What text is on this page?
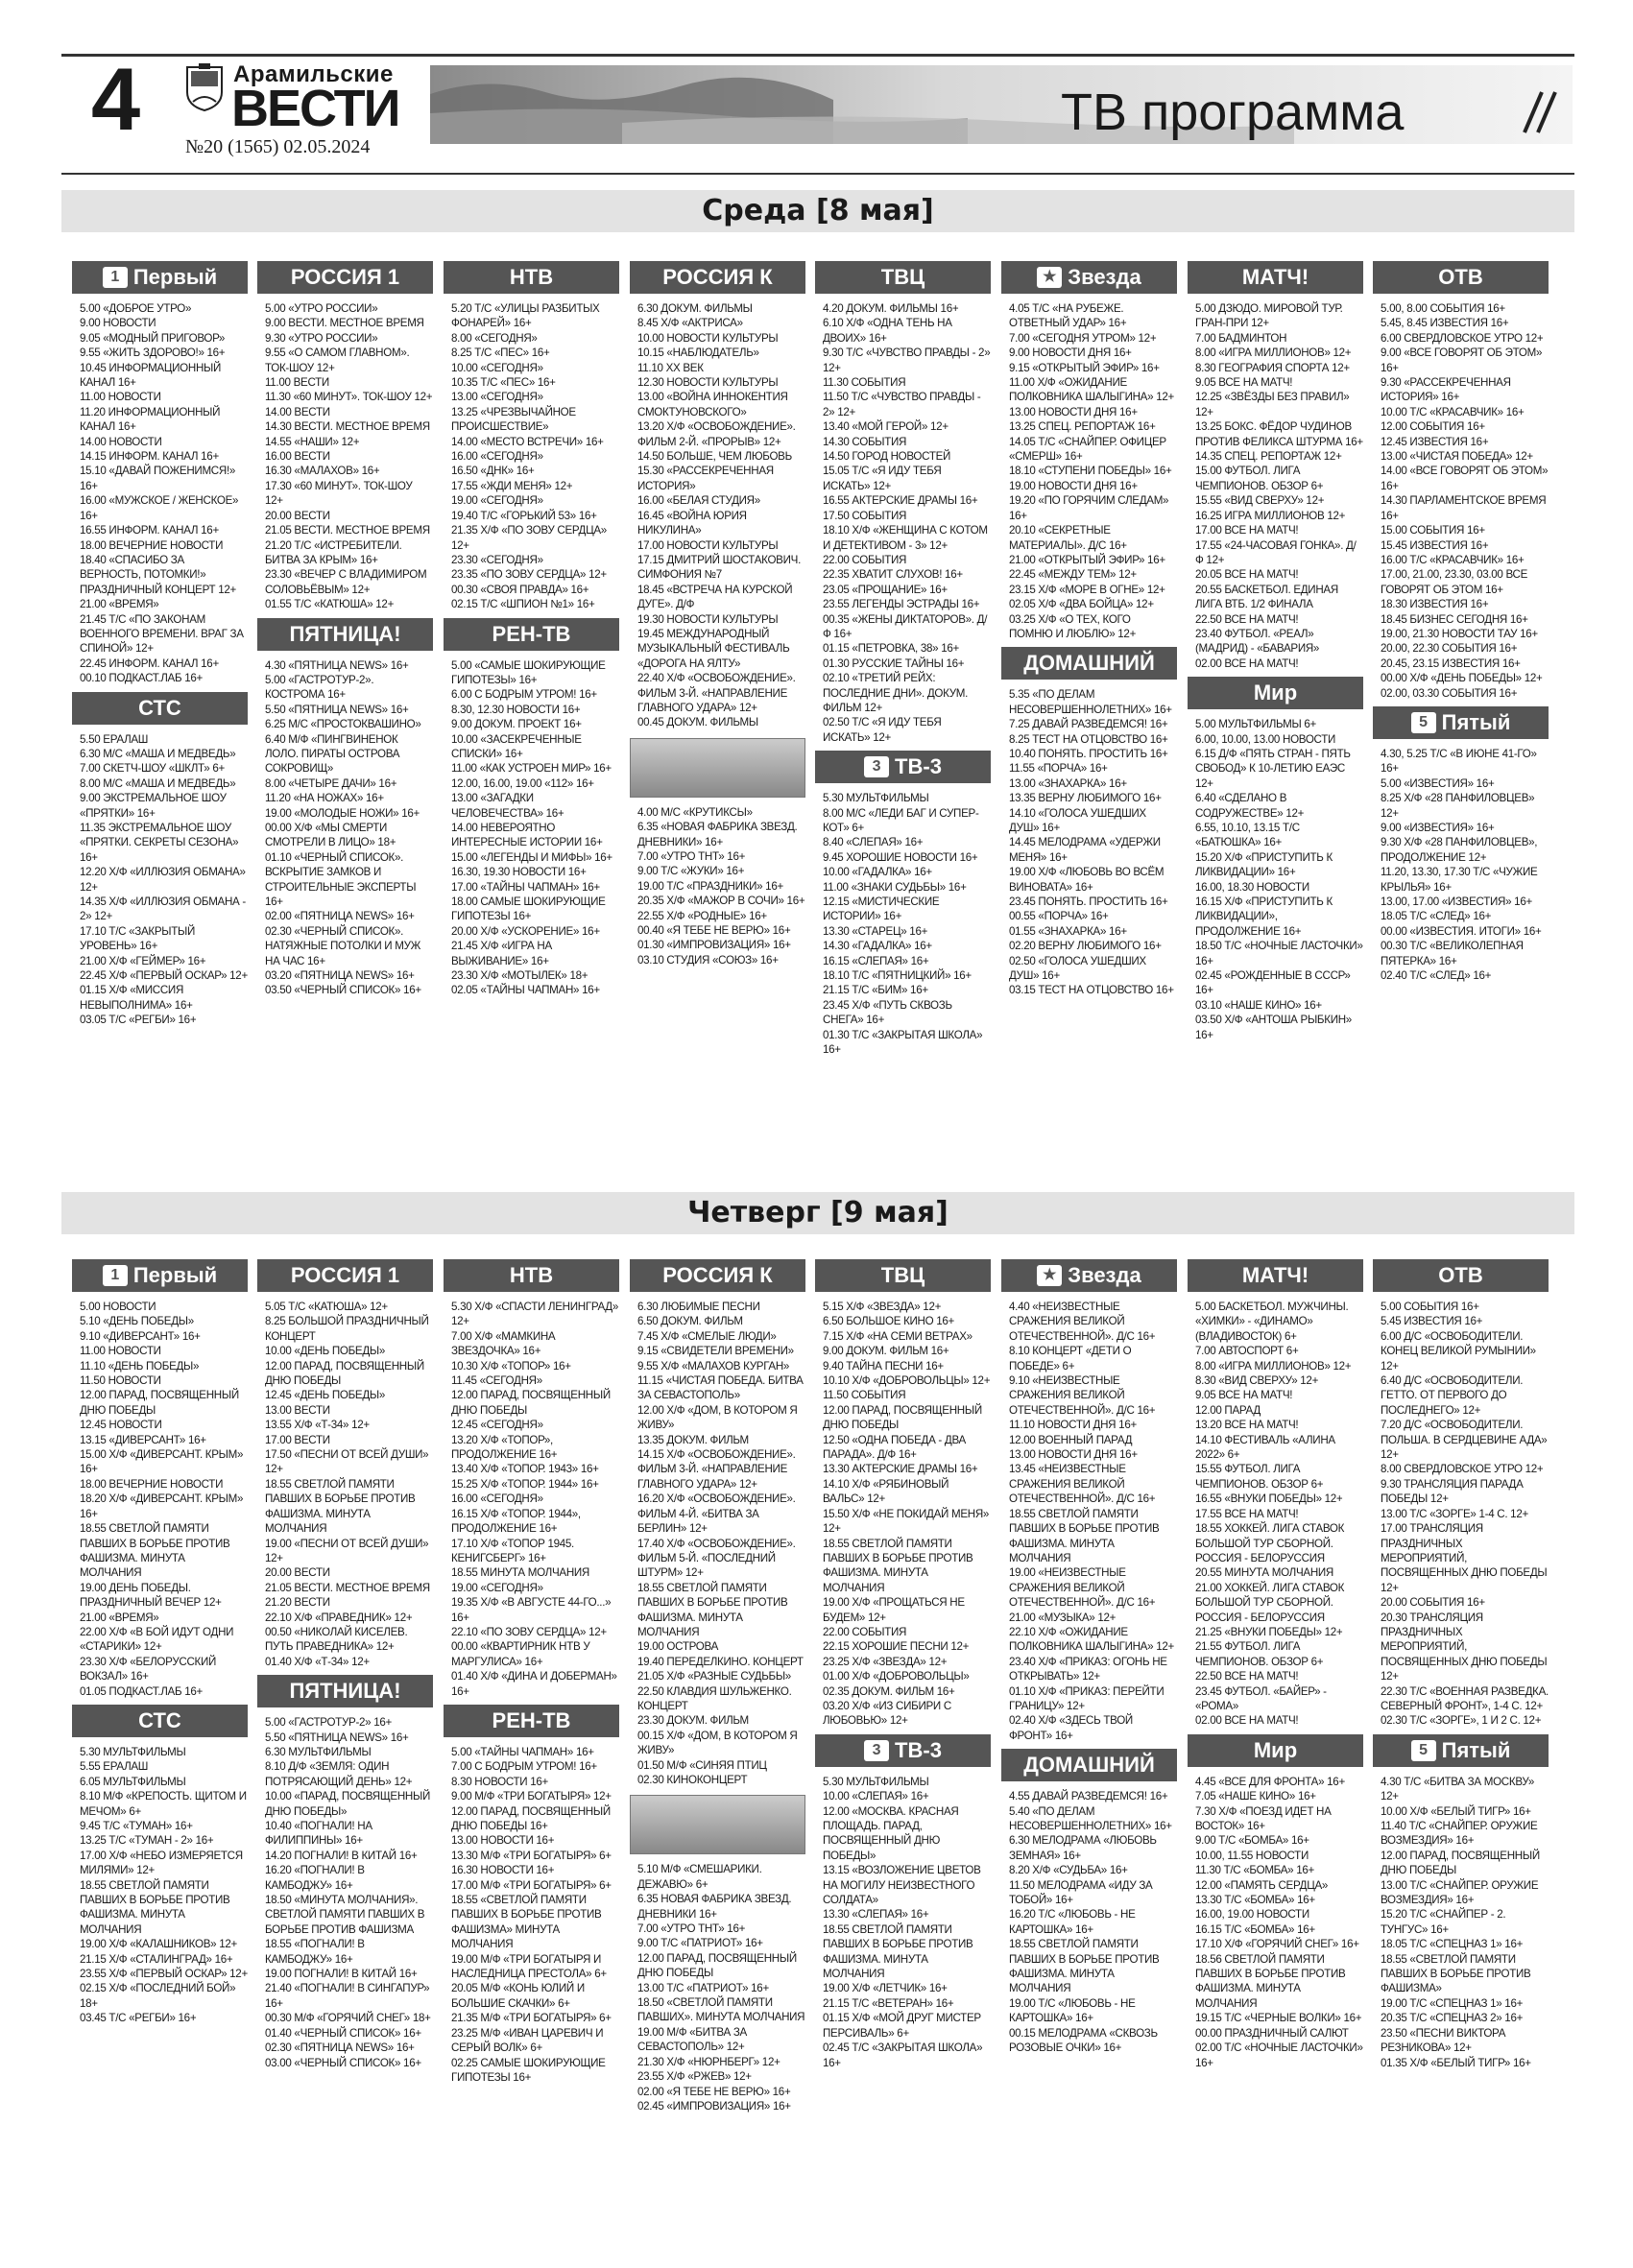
4	Арамильские
ВЕСТИ
№20 (1565) 02.05.2024
ТВ программа
Среда [8 мая]
1 Первый
5.00 «ДОБРОЕ УТРО»
9.00 НОВОСТИ
9.05 «МОДНЫЙ ПРИГОВОР»
9.55 «ЖИТЬ ЗДОРОВО!» 16+
10.45 ИНФОРМАЦИОННЫЙ КАНАЛ 16+
11.00 НОВОСТИ
11.20 ИНФОРМАЦИОННЫЙ КАНАЛ 16+
14.00 НОВОСТИ
14.15 ИНФОРМ. КАНАЛ 16+
15.10 «ДАВАЙ ПОЖЕНИМСЯ!» 16+
16.00 «МУЖСКОЕ / ЖЕНСКОЕ» 16+
16.55 ИНФОРМ. КАНАЛ 16+
18.00 ВЕЧЕРНИЕ НОВОСТИ
18.40 «СПАСИБО ЗА ВЕРНОСТЬ, ПОТОМКИ!» ПРАЗДНИЧНЫЙ КОНЦЕРТ 12+
21.00 «ВРЕМЯ»
21.45 Т/С «ПО ЗАКОНАМ ВОЕННОГО ВРЕМЕНИ. ВРАГ ЗА СПИНОЙ» 12+
22.45 ИНФОРМ. КАНАЛ 16+
00.10 ПОДКАСТ.ЛАБ 16+
СТС
5.50 ЕРАЛАШ
6.30 М/С «МАША И МЕДВЕДЬ»
7.00 СКЕТЧ-ШОУ «ШКЛТ» 6+
8.00 М/С «МАША И МЕДВЕДЬ»
9.00 ЭКСТРЕМАЛЬНОЕ ШОУ «ПРЯТКИ» 16+
11.35 ЭКСТРЕМАЛЬНОЕ ШОУ «ПРЯТКИ. СЕКРЕТЫ СЕЗОНА» 16+
12.20 Х/Ф «ИЛЛЮЗИЯ ОБМАНА» 12+
14.35 Х/Ф «ИЛЛЮЗИЯ ОБМАНА - 2» 12+
17.10 Т/С «ЗАКРЫТЫЙ УРОВЕНЬ» 16+
21.00 Х/Ф «ГЕЙМЕР» 16+
22.45 Х/Ф «ПЕРВЫЙ ОСКАР» 12+
01.15 Х/Ф «МИССИЯ НЕВЫПОЛНИМА» 16+
03.05 Т/С «РЕГБИ» 16+
РОССИЯ 1
5.00 «УТРО РОССИИ»
9.00 ВЕСТИ. МЕСТНОЕ ВРЕМЯ
9.30 «УТРО РОССИИ»
9.55 «О САМОМ ГЛАВНОМ». ТОК-ШОУ 12+
11.00 ВЕСТИ
11.30 «60 МИНУТ». ТОК-ШОУ 12+
14.00 ВЕСТИ
14.30 ВЕСТИ. МЕСТНОЕ ВРЕМЯ
14.55 «НАШИ» 12+
16.00 ВЕСТИ
16.30 «МАЛАХОВ» 16+
17.30 «60 МИНУТ». ТОК-ШОУ 12+
20.00 ВЕСТИ
21.05 ВЕСТИ. МЕСТНОЕ ВРЕМЯ
21.20 Т/С «ИСТРЕБИТЕЛИ. БИТВА ЗА КРЫМ» 16+
23.30 «ВЕЧЕР С ВЛАДИМИРОМ СОЛОВЬЁВЫМ» 12+
01.55 Т/С «КАТЮША» 12+
ПЯТНИЦА!
4.30 «ПЯТНИЦА NEWS» 16+
5.00 «ГАСТРОТУР-2». КОСТРОМА 16+
5.50 «ПЯТНИЦА NEWS» 16+
6.25 М/С «ПРОСТОКВАШИНО»
6.40 М/Ф «ПИНГВИНЕНОК ЛОЛО. ПИРАТЫ ОСТРОВА СОКРОВИЩ»
8.00 «ЧЕТЫРЕ ДАЧИ» 16+
11.20 «НА НОЖАХ» 16+
19.00 «МОЛОДЫЕ НОЖИ» 16+
00.00 Х/Ф «МЫ СМЕРТИ СМОТРЕЛИ В ЛИЦО» 18+
01.10 «ЧЕРНЫЙ СПИСОК». ВСКРЫТИЕ ЗАМКОВ И СТРОИТЕЛЬНЫЕ ЭКСПЕРТЫ 16+
02.00 «ПЯТНИЦА NEWS» 16+
02.30 «ЧЕРНЫЙ СПИСОК». НАТЯЖНЫЕ ПОТОЛКИ И МУЖ НА ЧАС 16+
03.20 «ПЯТНИЦА NEWS» 16+
03.50 «ЧЕРНЫЙ СПИСОК» 16+
НТВ
5.20 Т/С «УЛИЦЫ РАЗБИТЫХ ФОНАРЕЙ» 16+
8.00 «СЕГОДНЯ»
8.25 Т/С «ПЕС» 16+
10.00 «СЕГОДНЯ»
10.35 Т/С «ПЕС» 16+
13.00 «СЕГОДНЯ»
13.25 «ЧРЕЗВЫЧАЙНОЕ ПРОИСШЕСТВИЕ»
14.00 «МЕСТО ВСТРЕЧИ» 16+
16.00 «СЕГОДНЯ»
16.50 «ДНК» 16+
17.55 «ЖДИ МЕНЯ» 12+
19.00 «СЕГОДНЯ»
19.40 Т/С «ГОРЬКИЙ 53» 16+
21.35 Х/Ф «ПО ЗОВУ СЕРДЦА» 12+
23.30 «СЕГОДНЯ»
23.35 «ПО ЗОВУ СЕРДЦА» 12+
00.30 «СВОЯ ПРАВДА» 16+
02.15 Т/С «ШПИОН №1» 16+
РЕН-ТВ
5.00 «САМЫЕ ШОКИРУЮЩИЕ ГИПОТЕЗЫ» 16+
6.00 С БОДРЫМ УТРОМ! 16+
8.30, 12.30 НОВОСТИ 16+
9.00 ДОКУМ. ПРОЕКТ 16+
10.00 «ЗАСЕКРЕЧЕННЫЕ СПИСКИ» 16+
11.00 «КАК УСТРОЕН МИР» 16+
12.00, 16.00, 19.00 «112» 16+
13.00 «ЗАГАДКИ ЧЕЛОВЕЧЕСТВА» 16+
14.00 НЕВЕРОЯТНО ИНТЕРЕСНЫЕ ИСТОРИИ 16+
15.00 «ЛЕГЕНДЫ И МИФЫ» 16+
16.30, 19.30 НОВОСТИ 16+
17.00 «ТАЙНЫ ЧАПМАН» 16+
18.00 САМЫЕ ШОКИРУЮЩИЕ ГИПОТЕЗЫ 16+
20.00 Х/Ф «УСКОРЕНИЕ» 16+
21.45 Х/Ф «ИГРА НА ВЫЖИВАНИЕ» 16+
23.30 Х/Ф «МОТЫЛЕК» 18+
02.05 «ТАЙНЫ ЧАПМАН» 16+
РОССИЯ К
6.30 ДОКУМ. ФИЛЬМЫ
8.45 Х/Ф «АКТРИСА»
10.00 НОВОСТИ КУЛЬТУРЫ
10.15 «НАБЛЮДАТЕЛЬ»
11.10 XX ВЕК
12.30 НОВОСТИ КУЛЬТУРЫ
13.00 «ВОЙНА ИННОКЕНТИЯ СМОКТУНОВСКОГО»
13.20 Х/Ф «ОСВОБОЖДЕНИЕ». ФИЛЬМ 2-Й. «ПРОРЫВ» 12+
14.50 БОЛЬШЕ, ЧЕМ ЛЮБОВЬ
15.30 «РАССЕКРЕЧЕННАЯ ИСТОРИЯ»
16.00 «БЕЛАЯ СТУДИЯ»
16.45 «ВОЙНА ЮРИЯ НИКУЛИНА»
17.00 НОВОСТИ КУЛЬТУРЫ
17.15 ДМИТРИЙ ШОСТАКОВИЧ. СИМФОНИЯ №7
18.45 «ВСТРЕЧА НА КУРСКОЙ ДУГЕ». Д/Ф
19.30 НОВОСТИ КУЛЬТУРЫ
19.45 МЕЖДУНАРОДНЫЙ МУЗЫКАЛЬНЫЙ ФЕСТИВАЛЬ «ДОРОГА НА ЯЛТУ»
22.40 Х/Ф «ОСВОБОЖДЕНИЕ». ФИЛЬМ 3-Й. «НАПРАВЛЕНИЕ ГЛАВНОГО УДАРА» 12+
00.45 ДОКУМ. ФИЛЬМЫ
4.00 М/С «КРУТИКСЫ»
6.35 «НОВАЯ ФАБРИКА ЗВЕЗД. ДНЕВНИКИ» 16+
7.00 «УТРО ТНТ» 16+
9.00 Т/С «ЖУКИ» 16+
19.00 Т/С «ПРАЗДНИКИ» 16+
20.35 Х/Ф «МАЖОР В СОЧИ» 16+
22.55 Х/Ф «РОДНЫЕ» 16+
00.40 «Я ТЕБЕ НЕ ВЕРЮ» 16+
01.30 «ИМПРОВИЗАЦИЯ» 16+
03.10 СТУДИЯ «СОЮЗ» 16+
ТВЦ
4.20 ДОКУМ. ФИЛЬМЫ 16+
6.10 Х/Ф «ОДНА ТЕНЬ НА ДВОИХ» 16+
9.30 Т/С «ЧУВСТВО ПРАВДЫ - 2» 12+
11.30 СОБЫТИЯ
11.50 Т/С «ЧУВСТВО ПРАВДЫ - 2» 12+
13.40 «МОЙ ГЕРОЙ» 12+
14.30 СОБЫТИЯ
14.50 ГОРОД НОВОСТЕЙ
15.05 Т/С «Я ИДУ ТЕБЯ ИСКАТЬ» 12+
16.55 АКТЕРСКИЕ ДРАМЫ 16+
17.50 СОБЫТИЯ
18.10 Х/Ф «ЖЕНЩИНА С КОТОМ И ДЕТЕКТИВОМ - 3» 12+
22.00 СОБЫТИЯ
22.35 ХВАТИТ СЛУХОВ! 16+
23.05 «ПРОЩАНИЕ» 16+
23.55 ЛЕГЕНДЫ ЭСТРАДЫ 16+
00.35 «ЖЕНЫ ДИКТАТОРОВ». Д/Ф 16+
01.15 «ПЕТРОВКА, 38» 16+
01.30 РУССКИЕ ТАЙНЫ 16+
02.10 «ТРЕТИЙ РЕЙХ: ПОСЛЕДНИЕ ДНИ». ДОКУМ. ФИЛЬМ 12+
02.50 Т/С «Я ИДУ ТЕБЯ ИСКАТЬ» 12+
3 ТВ-3
5.30 МУЛЬТФИЛЬМЫ
8.00 М/С «ЛЕДИ БАГ И СУПЕР-КОТ» 6+
8.40 «СЛЕПАЯ» 16+
9.45 ХОРОШИЕ НОВОСТИ 16+
10.00 «ГАДАЛКА» 16+
11.00 «ЗНАКИ СУДЬБЫ» 16+
12.15 «МИСТИЧЕСКИЕ ИСТОРИИ» 16+
13.30 «СТАРЕЦ» 16+
14.30 «ГАДАЛКА» 16+
16.15 «СЛЕПАЯ» 16+
18.10 Т/С «ПЯТНИЦКИЙ» 16+
21.15 Т/С «БИМ» 16+
23.45 Х/Ф «ПУТЬ СКВОЗЬ СНЕГА» 16+
01.30 Т/С «ЗАКРЫТАЯ ШКОЛА» 16+
★ Звезда
4.05 Т/С «НА РУБЕЖЕ. ОТВЕТНЫЙ УДАР» 16+
7.00 «СЕГОДНЯ УТРОМ» 12+
9.00 НОВОСТИ ДНЯ 16+
9.15 «ОТКРЫТЫЙ ЭФИР» 16+
11.00 Х/Ф «ОЖИДАНИЕ ПОЛКОВНИКА ШАЛЫГИНА» 12+
13.00 НОВОСТИ ДНЯ 16+
13.25 СПЕЦ. РЕПОРТАЖ 16+
14.05 Т/С «СНАЙПЕР. ОФИЦЕР «СМЕРШ» 16+
18.10 «СТУПЕНИ ПОБЕДЫ» 16+
19.00 НОВОСТИ ДНЯ 16+
19.20 «ПО ГОРЯЧИМ СЛЕДАМ» 16+
20.10 «СЕКРЕТНЫЕ МАТЕРИАЛЫ». Д/С 16+
21.00 «ОТКРЫТЫЙ ЭФИР» 16+
22.45 «МЕЖДУ ТЕМ» 12+
23.15 Х/Ф «МОРЕ В ОГНЕ» 12+
02.05 Х/Ф «ДВА БОЙЦА» 12+
03.25 Х/Ф «О ТЕХ, КОГО ПОМНЮ И ЛЮБЛЮ» 12+
ДОМАШНИЙ
5.35 «ПО ДЕЛАМ НЕСОВЕРШЕННОЛЕТНИХ» 16+
7.25 ДАВАЙ РАЗВЕДЕМСЯ! 16+
8.25 ТЕСТ НА ОТЦОВСТВО 16+
10.40 ПОНЯТЬ. ПРОСТИТЬ 16+
11.55 «ПОРЧА» 16+
13.00 «ЗНАХАРКА» 16+
13.35 ВЕРНУ ЛЮБИМОГО 16+
14.10 «ГОЛОСА УШЕДШИХ ДУШ» 16+
14.45 МЕЛОДРАМА «УДЕРЖИ МЕНЯ» 16+
19.00 Х/Ф «ЛЮБОВЬ ВО ВСЁМ ВИНОВАТА» 16+
23.45 ПОНЯТЬ. ПРОСТИТЬ 16+
00.55 «ПОРЧА» 16+
01.55 «ЗНАХАРКА» 16+
02.20 ВЕРНУ ЛЮБИМОГО 16+
02.50 «ГОЛОСА УШЕДШИХ ДУШ» 16+
03.15 ТЕСТ НА ОТЦОВСТВО 16+
МАТЧ!
5.00 ДЗЮДО. МИРОВОЙ ТУР. ГРАН-ПРИ 12+
7.00 БАДМИНТОН
8.00 «ИГРА МИЛЛИОНОВ» 12+
8.30 ГЕОГРАФИЯ СПОРТА 12+
9.05 ВСЕ НА МАТЧ!
12.25 «ЗВЁЗДЫ БЕЗ ПРАВИЛ» 12+
13.25 БОКС. ФЁДОР ЧУДИНОВ ПРОТИВ ФЕЛИКСА ШТУРМА 16+
14.35 СПЕЦ. РЕПОРТАЖ 12+
15.00 ФУТБОЛ. ЛИГА ЧЕМПИОНОВ. ОБЗОР 6+
15.55 «ВИД СВЕРХУ» 12+
16.25 ИГРА МИЛЛИОНОВ 12+
17.00 ВСЕ НА МАТЧ!
17.55 «24-ЧАСОВАЯ ГОНКА». Д/Ф 12+
20.05 ВСЕ НА МАТЧ!
20.55 БАСКЕТБОЛ. ЕДИНАЯ ЛИГА ВТБ. 1/2 ФИНАЛА
22.50 ВСЕ НА МАТЧ!
23.40 ФУТБОЛ. «РЕАЛ» (МАДРИД) - «БАВАРИЯ»
02.00 ВСЕ НА МАТЧ!
Мир
5.00 МУЛЬТФИЛЬМЫ 6+
6.00, 10.00, 13.00 НОВОСТИ
6.15 Д/Ф «ПЯТЬ СТРАН - ПЯТЬ СВОБОД» К 10-ЛЕТИЮ ЕАЭС 12+
6.40 «СДЕЛАНО В СОДРУЖЕСТВЕ» 12+
6.55, 10.10, 13.15 Т/С «БАТЮШКА» 16+
15.20 Х/Ф «ПРИСТУПИТЬ К ЛИКВИДАЦИИ» 16+
16.00, 18.30 НОВОСТИ
16.15 Х/Ф «ПРИСТУПИТЬ К ЛИКВИДАЦИИ», ПРОДОЛЖЕНИЕ 16+
18.50 Т/С «НОЧНЫЕ ЛАСТОЧКИ» 16+
02.45 «РОЖДЕННЫЕ В СССР» 16+
03.10 «НАШЕ КИНО» 16+
03.50 Х/Ф «АНТОША РЫБКИН» 16+
ОТВ
5.00, 8.00 СОБЫТИЯ 16+
5.45, 8.45 ИЗВЕСТИЯ 16+
6.00 СВЕРДЛОВСКОЕ УТРО 12+
9.00 «ВСЕ ГОВОРЯТ ОБ ЭТОМ» 16+
9.30 «РАССЕКРЕЧЕННАЯ ИСТОРИЯ» 16+
10.00 Т/С «КРАСАВЧИК» 16+
12.00 СОБЫТИЯ 16+
12.45 ИЗВЕСТИЯ 16+
13.00 «ЧИСТАЯ ПОБЕДА» 12+
14.00 «ВСЕ ГОВОРЯТ ОБ ЭТОМ» 16+
14.30 ПАРЛАМЕНТСКОЕ ВРЕМЯ 16+
15.00 СОБЫТИЯ 16+
15.45 ИЗВЕСТИЯ 16+
16.00 Т/С «КРАСАВЧИК» 16+
17.00, 21.00, 23.30, 03.00 ВСЕ ГОВОРЯТ ОБ ЭТОМ 16+
18.30 ИЗВЕСТИЯ 16+
18.45 БИЗНЕС СЕГОДНЯ 16+
19.00, 21.30 НОВОСТИ ТАУ 16+
20.00, 22.30 СОБЫТИЯ 16+
20.45, 23.15 ИЗВЕСТИЯ 16+
00.00 Х/Ф «ДЕНЬ ПОБЕДЫ» 12+
02.00, 03.30 СОБЫТИЯ 16+
5 Пятый
4.30, 5.25 Т/С «В ИЮНЕ 41-ГО» 16+
5.00 «ИЗВЕСТИЯ» 16+
8.25 Х/Ф «28 ПАНФИЛОВЦЕВ» 12+
9.00 «ИЗВЕСТИЯ» 16+
9.30 Х/Ф «28 ПАНФИЛОВЦЕВ», ПРОДОЛЖЕНИЕ 12+
11.20, 13.30, 17.30 Т/С «ЧУЖИЕ КРЫЛЬЯ» 16+
13.00, 17.00 «ИЗВЕСТИЯ» 16+
18.05 Т/С «СЛЕД» 16+
00.00 «ИЗВЕСТИЯ. ИТОГИ» 16+
00.30 Т/С «ВЕЛИКОЛЕПНАЯ ПЯТЕРКА» 16+
02.40 Т/С «СЛЕД» 16+
Четверг [9 мая]
1 Первый
5.00 НОВОСТИ
5.10 «ДЕНЬ ПОБЕДЫ»
9.10 «ДИВЕРСАНТ» 16+
11.00 НОВОСТИ
11.10 «ДЕНЬ ПОБЕДЫ»
11.50 НОВОСТИ
12.00 ПАРАД, ПОСВЯЩЕННЫЙ ДНЮ ПОБЕДЫ
12.45 НОВОСТИ
13.15 «ДИВЕРСАНТ» 16+
15.00 Х/Ф «ДИВЕРСАНТ. КРЫМ» 16+
18.00 ВЕЧЕРНИЕ НОВОСТИ
18.20 Х/Ф «ДИВЕРСАНТ. КРЫМ» 16+
18.55 СВЕТЛОЙ ПАМЯТИ ПАВШИХ В БОРЬБЕ ПРОТИВ ФАШИЗМА. МИНУТА МОЛЧАНИЯ
19.00 ДЕНЬ ПОБЕДЫ. ПРАЗДНИЧНЫЙ ВЕЧЕР 12+
21.00 «ВРЕМЯ»
22.00 Х/Ф «В БОЙ ИДУТ ОДНИ «СТАРИКИ» 12+
23.30 Х/Ф «БЕЛОРУССКИЙ ВОКЗАЛ» 16+
01.05 ПОДКАСТ.ЛАБ 16+
СТС
5.30 МУЛЬТФИЛЬМЫ
5.55 ЕРАЛАШ
6.05 МУЛЬТФИЛЬМЫ
8.10 М/Ф «КРЕПОСТЬ. ЩИТОМ И МЕЧОМ» 6+
9.45 Т/С «ТУМАН» 16+
13.25 Т/С «ТУМАН - 2» 16+
17.00 Х/Ф «НЕБО ИЗМЕРЯЕТСЯ МИЛЯМИ» 12+
18.55 СВЕТЛОЙ ПАМЯТИ ПАВШИХ В БОРЬБЕ ПРОТИВ ФАШИЗМА. МИНУТА МОЛЧАНИЯ
19.00 Х/Ф «КАЛАШНИКОВ» 12+
21.15 Х/Ф «СТАЛИНГРАД» 16+
23.55 Х/Ф «ПЕРВЫЙ ОСКАР» 12+
02.15 Х/Ф «ПОСЛЕДНИЙ БОЙ» 18+
03.45 Т/С «РЕГБИ» 16+
РОССИЯ 1
5.05 Т/С «КАТЮША» 12+
8.25 БОЛЬШОЙ ПРАЗДНИЧНЫЙ КОНЦЕРТ
10.00 «ДЕНЬ ПОБЕДЫ»
12.00 ПАРАД, ПОСВЯЩЕННЫЙ ДНЮ ПОБЕДЫ
12.45 «ДЕНЬ ПОБЕДЫ»
13.00 ВЕСТИ
13.55 Х/Ф «Т-34» 12+
17.00 ВЕСТИ
17.50 «ПЕСНИ ОТ ВСЕЙ ДУШИ» 12+
18.55 СВЕТЛОЙ ПАМЯТИ ПАВШИХ В БОРЬБЕ ПРОТИВ ФАШИЗМА. МИНУТА МОЛЧАНИЯ
19.00 «ПЕСНИ ОТ ВСЕЙ ДУШИ» 12+
20.00 ВЕСТИ
21.05 ВЕСТИ. МЕСТНОЕ ВРЕМЯ
21.20 ВЕСТИ
22.10 Х/Ф «ПРАВЕДНИК» 12+
00.50 «НИКОЛАЙ КИСЕЛЕВ. ПУТЬ ПРАВЕДНИКА» 12+
01.40 Х/Ф «Т-34» 12+
ПЯТНИЦА!
5.00 «ГАСТРОТУР-2» 16+
5.50 «ПЯТНИЦА NEWS» 16+
6.30 МУЛЬТФИЛЬМЫ
8.10 Д/Ф «ЗЕМЛЯ: ОДИН ПОТРЯСАЮЩИЙ ДЕНЬ» 12+
10.00 «ПАРАД, ПОСВЯЩЕННЫЙ ДНЮ ПОБЕДЫ»
10.40 «ПОГНАЛИ! НА ФИЛИППИНЫ» 16+
14.20 ПОГНАЛИ! В КИТАЙ 16+
16.20 «ПОГНАЛИ! В КАМБОДЖУ» 16+
18.50 «МИНУТА МОЛЧАНИЯ». СВЕТЛОЙ ПАМЯТИ ПАВШИХ В БОРЬБЕ ПРОТИВ ФАШИЗМА
18.55 «ПОГНАЛИ! В КАМБОДЖУ» 16+
19.00 ПОГНАЛИ! В КИТАЙ 16+
21.40 «ПОГНАЛИ! В СИНГАПУР» 16+
00.30 М/Ф «ГОРЯЧИЙ СНЕГ» 18+
01.40 «ЧЕРНЫЙ СПИСОК» 16+
02.30 «ПЯТНИЦА NEWS» 16+
03.00 «ЧЕРНЫЙ СПИСОК» 16+
НТВ
5.30 Х/Ф «СПАСТИ ЛЕНИНГРАД» 12+
7.00 Х/Ф «МАМКИНА ЗВЕЗДОЧКА» 16+
10.30 Х/Ф «ТОПОР» 16+
11.45 «СЕГОДНЯ»
12.00 ПАРАД, ПОСВЯЩЕННЫЙ ДНЮ ПОБЕДЫ
12.45 «СЕГОДНЯ»
13.20 Х/Ф «ТОПОР», ПРОДОЛЖЕНИЕ 16+
13.40 Х/Ф «ТОПОР. 1943» 16+
15.25 Х/Ф «ТОПОР. 1944» 16+
16.00 «СЕГОДНЯ»
16.15 Х/Ф «ТОПОР. 1944», ПРОДОЛЖЕНИЕ 16+
17.10 Х/Ф «ТОПОР 1945. КЕНИГСБЕРГ» 16+
18.55 МИНУТА МОЛЧАНИЯ
19.00 «СЕГОДНЯ»
19.35 Х/Ф «В АВГУСТЕ 44-ГО...» 16+
22.10 «ПО ЗОВУ СЕРДЦА» 12+
00.00 «КВАРТИРНИК НТВ У МАРГУЛИСА» 16+
01.40 Х/Ф «ДИНА И ДОБЕРМАН» 16+
РЕН-ТВ
5.00 «ТАЙНЫ ЧАПМАН» 16+
7.00 С БОДРЫМ УТРОМ! 16+
8.30 НОВОСТИ 16+
9.00 М/Ф «ТРИ БОГАТЫРЯ» 12+
12.00 ПАРАД, ПОСВЯЩЕННЫЙ ДНЮ ПОБЕДЫ 16+
13.00 НОВОСТИ 16+
13.30 М/Ф «ТРИ БОГАТЫРЯ» 6+
16.30 НОВОСТИ 16+
17.00 М/Ф «ТРИ БОГАТЫРЯ» 6+
18.55 «СВЕТЛОЙ ПАМЯТИ ПАВШИХ В БОРЬБЕ ПРОТИВ ФАШИЗМА» МИНУТА МОЛЧАНИЯ
19.00 М/Ф «ТРИ БОГАТЫРЯ И НАСЛЕДНИЦА ПРЕСТОЛА» 6+
20.05 М/Ф «КОНЬ ЮЛИЙ И БОЛЬШИЕ СКАЧКИ» 6+
21.35 М/Ф «ТРИ БОГАТЫРЯ» 6+
23.25 М/Ф «ИВАН ЦАРЕВИЧ И СЕРЫЙ ВОЛК» 6+
02.25 САМЫЕ ШОКИРУЮЩИЕ ГИПОТЕЗЫ 16+
РОССИЯ К
6.30 ЛЮБИМЫЕ ПЕСНИ
6.50 ДОКУМ. ФИЛЬМ
7.45 Х/Ф «СМЕЛЫЕ ЛЮДИ»
9.15 «СВИДЕТЕЛИ ВРЕМЕНИ»
9.55 Х/Ф «МАЛАХОВ КУРГАН»
11.15 «ЧИСТАЯ ПОБЕДА. БИТВА ЗА СЕВАСТОПОЛЬ»
12.00 Х/Ф «ДОМ, В КОТОРОМ Я ЖИВУ»
13.35 ДОКУМ. ФИЛЬМ
14.15 Х/Ф «ОСВОБОЖДЕНИЕ». ФИЛЬМ 3-Й. «НАПРАВЛЕНИЕ ГЛАВНОГО УДАРА» 12+
16.20 Х/Ф «ОСВОБОЖДЕНИЕ». ФИЛЬМ 4-Й. «БИТВА ЗА БЕРЛИН» 12+
17.40 Х/Ф «ОСВОБОЖДЕНИЕ». ФИЛЬМ 5-Й. «ПОСЛЕДНИЙ ШТУРМ» 12+
18.55 СВЕТЛОЙ ПАМЯТИ ПАВШИХ В БОРЬБЕ ПРОТИВ ФАШИЗМА. МИНУТА МОЛЧАНИЯ
19.00 ОСТРОВА
19.40 ПЕРЕДЕЛКИНО. КОНЦЕРТ
21.05 Х/Ф «РАЗНЫЕ СУДЬБЫ»
22.50 КЛАВДИЯ ШУЛЬЖЕНКО. КОНЦЕРТ
23.30 ДОКУМ. ФИЛЬМ
00.15 Х/Ф «ДОМ, В КОТОРОМ Я ЖИВУ»
01.50 М/Ф «СИНЯЯ ПТИЦ
02.30 КИНОКОНЦЕРТ
5.10 М/Ф «СМЕШАРИКИ. ДЕЖАВЮ» 6+
6.35 НОВАЯ ФАБРИКА ЗВЕЗД. ДНЕВНИКИ 16+
7.00 «УТРО ТНТ» 16+
9.00 Т/С «ПАТРИОТ» 16+
12.00 ПАРАД, ПОСВЯЩЕННЫЙ ДНЮ ПОБЕДЫ
13.00 Т/С «ПАТРИОТ» 16+
18.50 «СВЕТЛОЙ ПАМЯТИ ПАВШИХ». МИНУТА МОЛЧАНИЯ
19.00 М/Ф «БИТВА ЗА СЕВАСТОПОЛЬ» 12+
21.30 Х/Ф «НЮРНБЕРГ» 12+
23.55 Х/Ф «РЖЕВ» 12+
02.00 «Я ТЕБЕ НЕ ВЕРЮ» 16+
02.45 «ИМПРОВИЗАЦИЯ» 16+
ТВЦ
5.15 Х/Ф «ЗВЕЗДА» 12+
6.50 БОЛЬШОЕ КИНО 16+
7.15 Х/Ф «НА СЕМИ ВЕТРАХ»
9.00 ДОКУМ. ФИЛЬМ 16+
9.40 ТАЙНА ПЕСНИ 16+
10.10 Х/Ф «ДОБРОВОЛЬЦЫ» 12+
11.50 СОБЫТИЯ
12.00 ПАРАД, ПОСВЯЩЕННЫЙ ДНЮ ПОБЕДЫ
12.50 «ОДНА ПОБЕДА - ДВА ПАРАДА». Д/Ф 16+
13.30 АКТЕРСКИЕ ДРАМЫ 16+
14.10 Х/Ф «РЯБИНОВЫЙ ВАЛЬС» 12+
15.50 Х/Ф «НЕ ПОКИДАЙ МЕНЯ» 12+
18.55 СВЕТЛОЙ ПАМЯТИ ПАВШИХ В БОРЬБЕ ПРОТИВ ФАШИЗМА. МИНУТА МОЛЧАНИЯ
19.00 Х/Ф «ПРОЩАТЬСЯ НЕ БУДЕМ» 12+
22.00 СОБЫТИЯ
22.15 ХОРОШИЕ ПЕСНИ 12+
23.25 Х/Ф «ЗВЕЗДА» 12+
01.00 Х/Ф «ДОБРОВОЛЬЦЫ»
02.35 ДОКУМ. ФИЛЬМ 16+
03.20 Х/Ф «ИЗ СИБИРИ С ЛЮБОВЬЮ» 12+
3 ТВ-3
5.30 МУЛЬТФИЛЬМЫ
10.00 «СЛЕПАЯ» 16+
12.00 «МОСКВА. КРАСНАЯ ПЛОЩАДЬ. ПАРАД, ПОСВЯЩЕННЫЙ ДНЮ ПОБЕДЫ»
13.15 «ВОЗЛОЖЕНИЕ ЦВЕТОВ НА МОГИЛУ НЕИЗВЕСТНОГО СОЛДАТА»
13.30 «СЛЕПАЯ» 16+
18.55 СВЕТЛОЙ ПАМЯТИ ПАВШИХ В БОРЬБЕ ПРОТИВ ФАШИЗМА. МИНУТА МОЛЧАНИЯ
19.00 Х/Ф «ЛЕТЧИК» 16+
21.15 Т/С «ВЕТЕРАН» 16+
01.15 Х/Ф «МОЙ ДРУГ МИСТЕР ПЕРСИВАЛЬ» 6+
02.45 Т/С «ЗАКРЫТАЯ ШКОЛА» 16+
★ Звезда
4.40 «НЕИЗВЕСТНЫЕ СРАЖЕНИЯ ВЕЛИКОЙ ОТЕЧЕСТВЕННОЙ». Д/С 16+
8.10 КОНЦЕРТ «ДЕТИ О ПОБЕДЕ» 6+
9.10 «НЕИЗВЕСТНЫЕ СРАЖЕНИЯ ВЕЛИКОЙ ОТЕЧЕСТВЕННОЙ». Д/С 16+
11.10 НОВОСТИ ДНЯ 16+
12.00 ВОЕННЫЙ ПАРАД
13.00 НОВОСТИ ДНЯ 16+
13.45 «НЕИЗВЕСТНЫЕ СРАЖЕНИЯ ВЕЛИКОЙ ОТЕЧЕСТВЕННОЙ». Д/С 16+
18.55 СВЕТЛОЙ ПАМЯТИ ПАВШИХ В БОРЬБЕ ПРОТИВ ФАШИЗМА. МИНУТА МОЛЧАНИЯ
19.00 «НЕИЗВЕСТНЫЕ СРАЖЕНИЯ ВЕЛИКОЙ ОТЕЧЕСТВЕННОЙ». Д/С 16+
21.00 «МУЗЫКА» 12+
22.10 Х/Ф «ОЖИДАНИЕ ПОЛКОВНИКА ШАЛЫГИНА» 12+
23.40 Х/Ф «ПРИКАЗ: ОГОНЬ НЕ ОТКРЫВАТЬ» 12+
01.10 Х/Ф «ПРИКАЗ: ПЕРЕЙТИ ГРАНИЦУ» 12+
02.40 Х/Ф «ЗДЕСЬ ТВОЙ ФРОНТ» 16+
ДОМАШНИЙ
4.55 ДАВАЙ РАЗВЕДЕМСЯ! 16+
5.40 «ПО ДЕЛАМ НЕСОВЕРШЕННОЛЕТНИХ» 16+
6.30 МЕЛОДРАМА «ЛЮБОВЬ ЗЕМНАЯ» 16+
8.20 Х/Ф «СУДЬБА» 16+
11.50 МЕЛОДРАМА «ИДУ ЗА ТОБОЙ» 16+
16.20 Т/С «ЛЮБОВЬ - НЕ КАРТОШКА» 16+
18.55 СВЕТЛОЙ ПАМЯТИ ПАВШИХ В БОРЬБЕ ПРОТИВ ФАШИЗМА. МИНУТА МОЛЧАНИЯ
19.00 Т/С «ЛЮБОВЬ - НЕ КАРТОШКА» 16+
00.15 МЕЛОДРАМА «СКВОЗЬ РОЗОВЫЕ ОЧКИ» 16+
МАТЧ!
5.00 БАСКЕТБОЛ. МУЖЧИНЫ. «ХИМКИ» - «ДИНАМО» (ВЛАДИВОСТОК) 6+
7.00 АВТОСПОРТ 6+
8.00 «ИГРА МИЛЛИОНОВ» 12+
8.30 «ВИД СВЕРХУ» 12+
9.05 ВСЕ НА МАТЧ!
12.00 ПАРАД
13.20 ВСЕ НА МАТЧ!
14.10 ФЕСТИВАЛЬ «АЛИНА 2022» 6+
15.55 ФУТБОЛ. ЛИГА ЧЕМПИОНОВ. ОБЗОР 6+
16.55 «ВНУКИ ПОБЕДЫ» 12+
17.55 ВСЕ НА МАТЧ!
18.55 ХОККЕЙ. ЛИГА СТАВОК БОЛЬШОЙ ТУР СБОРНОЙ. РОССИЯ - БЕЛОРУССИЯ
20.55 МИНУТА МОЛЧАНИЯ
21.00 ХОККЕЙ. ЛИГА СТАВОК БОЛЬШОЙ ТУР СБОРНОЙ. РОССИЯ - БЕЛОРУССИЯ
21.25 «ВНУКИ ПОБЕДЫ» 12+
21.55 ФУТБОЛ. ЛИГА ЧЕМПИОНОВ. ОБЗОР 6+
22.50 ВСЕ НА МАТЧ!
23.45 ФУТБОЛ. «БАЙЕР» - «РОМА»
02.00 ВСЕ НА МАТЧ!
Мир
4.45 «ВСЕ ДЛЯ ФРОНТА» 16+
7.05 «НАШЕ КИНО» 16+
7.30 Х/Ф «ПОЕЗД ИДЕТ НА ВОСТОК» 16+
9.00 Т/С «БОМБА» 16+
10.00, 11.55 НОВОСТИ
11.30 Т/С «БОМБА» 16+
12.00 «ПАМЯТЬ СЕРДЦА»
13.30 Т/С «БОМБА» 16+
16.00, 19.00 НОВОСТИ
16.15 Т/С «БОМБА» 16+
17.10 Х/Ф «ГОРЯЧИЙ СНЕГ» 16+
18.56 СВЕТЛОЙ ПАМЯТИ ПАВШИХ В БОРЬБЕ ПРОТИВ ФАШИЗМА. МИНУТА МОЛЧАНИЯ
19.15 Т/С «ЧЕРНЫЕ ВОЛКИ» 16+
00.00 ПРАЗДНИЧНЫЙ САЛЮТ
02.00 Т/С «НОЧНЫЕ ЛАСТОЧКИ» 16+
ОТВ
5.00 СОБЫТИЯ 16+
5.45 ИЗВЕСТИЯ 16+
6.00 Д/С «ОСВОБОДИТЕЛИ. КОНЕЦ ВЕЛИКОЙ РУМЫНИИ» 12+
6.40 Д/С «ОСВОБОДИТЕЛИ. ГЕТТО. ОТ ПЕРВОГО ДО ПОСЛЕДНЕГО» 12+
7.20 Д/С «ОСВОБОДИТЕЛИ. ПОЛЬША. В СЕРДЦЕВИНЕ АДА» 12+
8.00 СВЕРДЛОВСКОЕ УТРО 12+
9.30 ТРАНСЛЯЦИЯ ПАРАДА ПОБЕДЫ 12+
13.00 Т/С «ЗОРГЕ» 1-4 С. 12+
17.00 ТРАНСЛЯЦИЯ ПРАЗДНИЧНЫХ МЕРОПРИЯТИЙ, ПОСВЯЩЕННЫХ ДНЮ ПОБЕДЫ 12+
20.00 СОБЫТИЯ 16+
20.30 ТРАНСЛЯЦИЯ ПРАЗДНИЧНЫХ МЕРОПРИЯТИЙ, ПОСВЯЩЕННЫХ ДНЮ ПОБЕДЫ 12+
22.30 Т/С «ВОЕННАЯ РАЗВЕДКА. СЕВЕРНЫЙ ФРОНТ», 1-4 С. 12+
02.30 Т/С «ЗОРГЕ», 1 И 2 С. 12+
5 Пятый
4.30 Т/С «БИТВА ЗА МОСКВУ» 12+
10.00 Х/Ф «БЕЛЫЙ ТИГР» 16+
11.40 Т/С «СНАЙПЕР. ОРУЖИЕ ВОЗМЕЗДИЯ» 16+
12.00 ПАРАД, ПОСВЯЩЕННЫЙ ДНЮ ПОБЕДЫ
13.00 Т/С «СНАЙПЕР. ОРУЖИЕ ВОЗМЕЗДИЯ» 16+
15.20 Т/С «СНАЙПЕР - 2. ТУНГУС» 16+
18.05 Т/С «СПЕЦНАЗ 1» 16+
18.55 «СВЕТЛОЙ ПАМЯТИ ПАВШИХ В БОРЬБЕ ПРОТИВ ФАШИЗМА»
19.00 Т/С «СПЕЦНАЗ 1» 16+
20.35 Т/С «СПЕЦНАЗ 2» 16+
23.50 «ПЕСНИ ВИКТОРА РЕЗНИКОВА» 12+
01.35 Х/Ф «БЕЛЫЙ ТИГР» 16+
